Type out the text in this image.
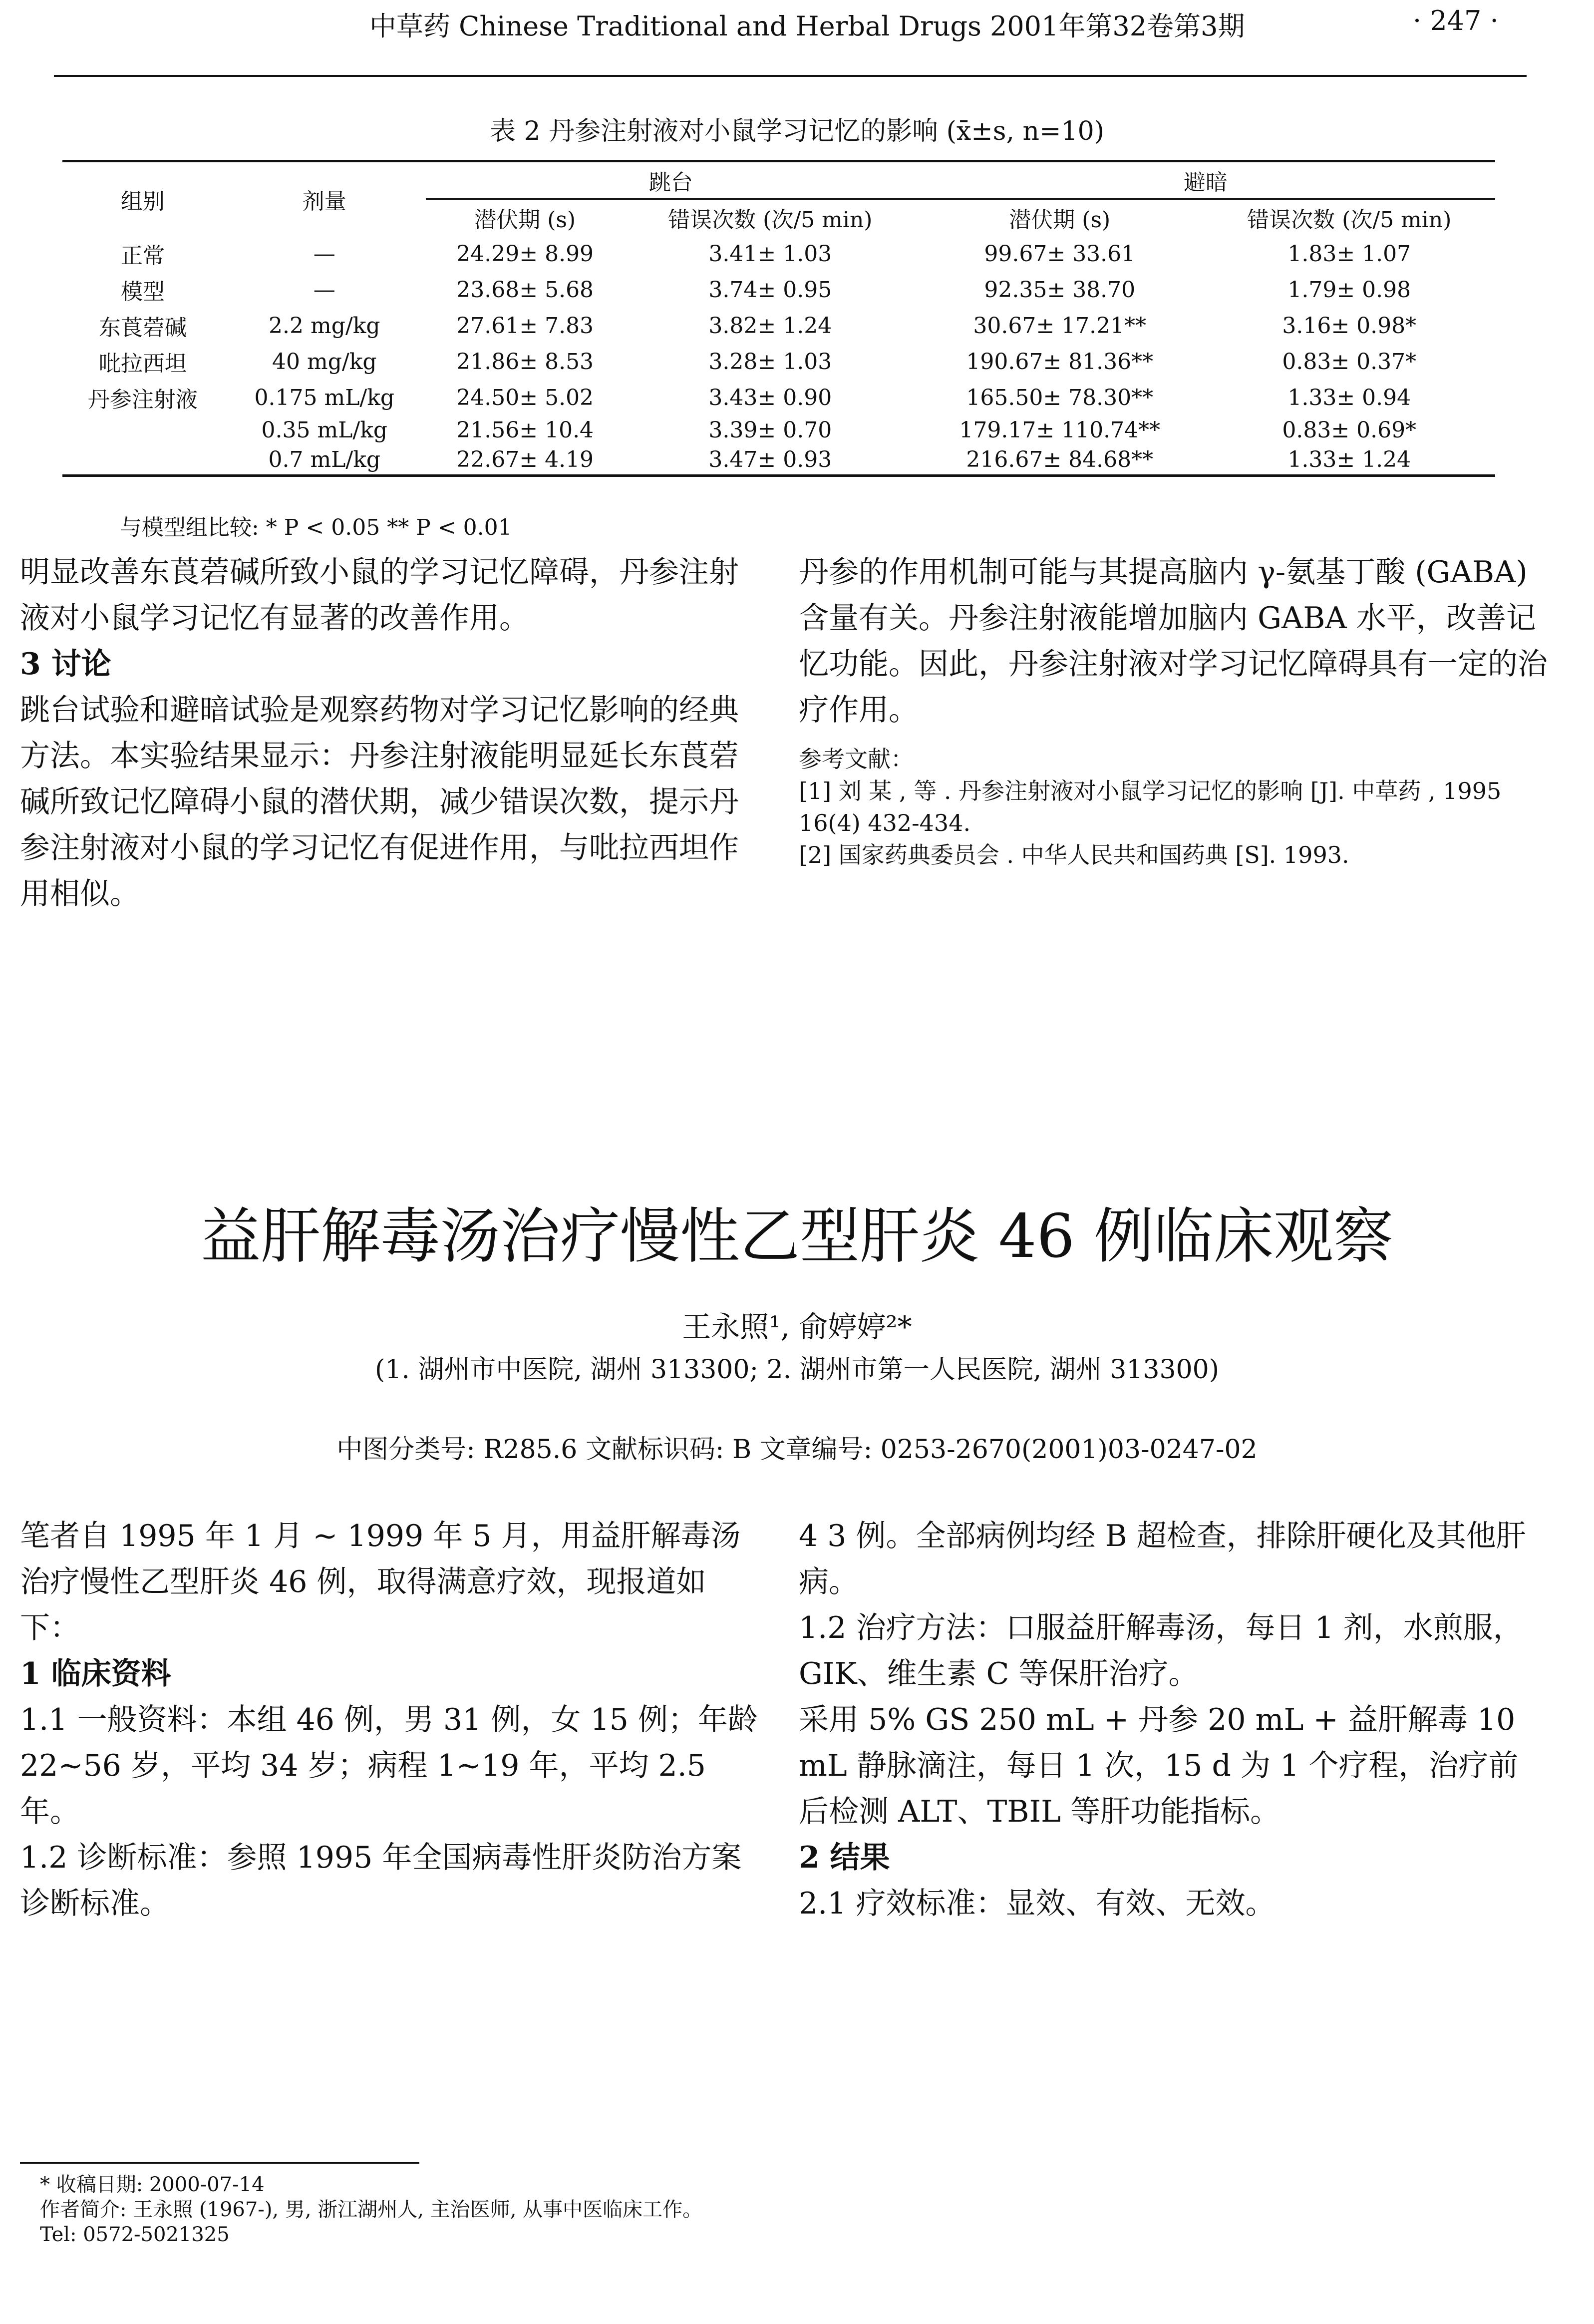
中草药 Chinese Traditional and Herbal Drugs 2001年第32卷第3期	· 247 ·
表 2 丹参注射液对小鼠学习记忆的影响 (x̄±s, n=10)
组别	剂量	跳台		避暗	
		潜伏期 (s)	错误次数 (次/5 min)	潜伏期 (s)	错误次数 (次/5 min)
正常	—	24.29± 8.99	3.41± 1.03	99.67± 33.61	1.83± 1.07
模型	—	23.68± 5.68	3.74± 0.95	92.35± 38.70	1.79± 0.98
东莨菪碱	2.2 mg/kg	27.61± 7.83	3.82± 1.24	30.67± 17.21**	3.16± 0.98*
吡拉西坦	40 mg/kg	21.86± 8.53	3.28± 1.03	190.67± 81.36**	0.83± 0.37*
丹参注射液	0.175 mL/kg	24.50± 5.02	3.43± 0.90	165.50± 78.30**	1.33± 0.94
	0.35 mL/kg	21.56± 10.4	3.39± 0.70	179.17± 110.74**	0.83± 0.69*
	0.7 mL/kg	22.67± 4.19	3.47± 0.93	216.67± 84.68**	1.33± 1.24
与模型组比较: * P < 0.05 ** P < 0.01

明显改善东莨菪碱所致小鼠的学习记忆障碍，丹参注射液对小鼠学习记忆有显著的改善作用。

3 讨论

跳台试验和避暗试验是观察药物对学习记忆影响的经典方法。本实验结果显示：丹参注射液能明显延长东莨菪碱所致记忆障碍小鼠的潜伏期，减少错误次数，提示丹参注射液对小鼠的学习记忆有促进作用，与吡拉西坦作用相似。

丹参的作用机制可能与其提高脑内 γ-氨基丁酸 (GABA) 含量有关。丹参注射液能增加脑内 GABA 水平，改善记忆功能。因此，丹参注射液对学习记忆障碍具有一定的治疗作用。

参考文献：

[1] 刘 某 , 等 . 丹参注射液对小鼠学习记忆的影响 [J]. 中草药 , 1995 16(4) 432-434.

[2] 国家药典委员会 . 中华人民共和国药典 [S]. 1993.

益肝解毒汤治疗慢性乙型肝炎 46 例临床观察
王永照¹, 俞婷婷²*
(1. 湖州市中医院, 湖州 313300; 2. 湖州市第一人民医院, 湖州 313300)
中图分类号: R285.6 文献标识码: B 文章编号: 0253-2670(2001)03-0247-02

笔者自 1995 年 1 月 ~ 1999 年 5 月，用益肝解毒汤治疗慢性乙型肝炎 46 例，取得满意疗效，现报道如下：

1 临床资料

1.1 一般资料：本组 46 例，男 31 例，女 15 例；年龄 22~56 岁，平均 34 岁；病程 1~19 年，平均 2.5 年。

1.2 诊断标准：参照 1995 年全国病毒性肝炎防治方案诊断标准。

4 3 例。全部病例均经 B 超检查，排除肝硬化及其他肝病。

1.2 治疗方法：口服益肝解毒汤，每日 1 剂，水煎服，GIK、维生素 C 等保肝治疗。

采用 5% GS 250 mL + 丹参 20 mL + 益肝解毒 10 mL 静脉滴注，每日 1 次，15 d 为 1 个疗程，治疗前后检测 ALT、TBIL 等肝功能指标。

2 结果

2.1 疗效标准：显效、有效、无效。

* 收稿日期: 2000-07-14

作者简介: 王永照 (1967-), 男, 浙江湖州人, 主治医师, 从事中医临床工作。

Tel: 0572-5021325
